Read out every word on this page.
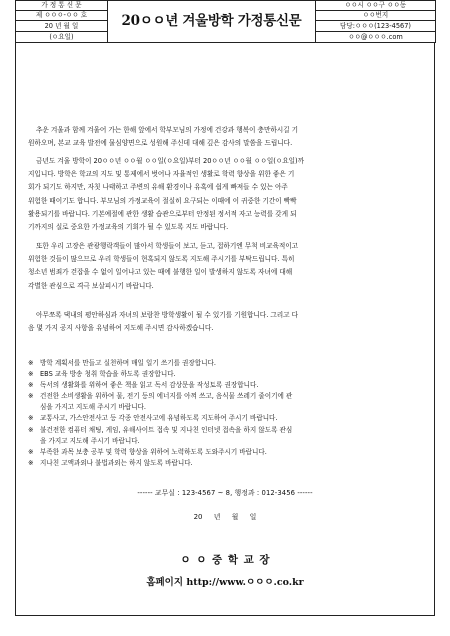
가 정 통 신 문	20ㅇㅇ년 겨울방학 가정통신문	ㅇㅇ시 ㅇㅇ구 ㅇㅇ동
제 ㅇㅇㅇ-ㅇㅇ 호		ㅇㅇ번지
20 년 월 일		담당:ㅇㅇㅇ(123-4567)
(ㅇ요일)		ㅇㅇ@ㅇㅇㅇ.com
추운 겨울과 함께 겨울어 가는 한해 앞에서 학부모님의 가정에 건강과 행복이 충만하시길 기
원하오며, 본교 교육 발전에 물심양면으로 성원해 주신데 대해 깊은 감사의 말씀을 드립니다.
금년도 겨울 방학이 20ㅇㅇ년 ㅇㅇ월 ㅇㅇ일(ㅇ요일)부터 20ㅇㅇ년 ㅇㅇ월 ㅇㅇ일(ㅇ요일)까
지입니다. 방학은 학교의 지도 및 통제에서 벗어나 자율적인 생활로 학력 향상을 위한 좋은 기
회가 되기도 하지만, 자칫 나태하고 주변의 유해 환경이나 유혹에 쉽게 빠져들 수 있는 아주
위험한 때이기도 합니다. 부모님의 가정교육이 절실히 요구되는 이때에 이 귀중한 기간이 빡빡
활용되기를 바랍니다. 기본예절에 관한 생활 습관으로부터 안정된 정서적 자고 능력를 갖게 되
기까지의 실로 중요한 가정교육의 기회가 될 수 있도록 지도 바랍니다.
또한 우리 고장은 관광행락객들이 많아서 학생들이 보고, 듣고, 접하기엔 무척 비교육적이고
위험한 것들이 많으므로 우리 학생들이 현혹되지 않도록 지도해 주시기를 부탁드립니다. 특히
청소년 범죄가 걷잡을 수 없이 일어나고 있는 때에 불행한 일이 발생하지 않도록 자녀에 대해
각별한 관심으로 격극 보살피시기 바랍니다.
아무쪼록 댁내의 평안하심과 자녀의 보람찬 방학생활이 될 수 있기를 기원합니다. 그리고 다
음 몇 가지 공지 사항을 유념하여 지도해 주시면 감사하겠습니다.
※ 방학 계획서를 만들고 실천하며 매일 일기 쓰기를 권장합니다.
※ EBS 교육 방송 청취 학습을 하도록 권장합니다.
※ 독서의 생활화를 위하여 좋은 책을 읽고 독서 감상문을 작성토록 권장합니다.
※ 건전한 소비생활을 위하여 물, 전기 등의 에너지를 아껴 쓰고, 음식물 쓰레기 줄이기에 관
심을 가지고 지도해 주시기 바랍니다.
※ 교통사고, 가스안전사고 등 각종 안전사고에 유념하도록 지도하여 주시기 바랍니다.
※ 불건전한 컴퓨터 채팅, 게임, 유해사이트 접속 및 지나친 인터넷 접속을 하지 않도록 관심
을 가지고 지도해 주시기 바랍니다.
※ 부족한 과목 보충 공부 및 학력 향상을 위하여 노력하도록 도와주시기 바랍니다.
※ 지나친 고액과외나 불법과외는 하지 않도록 바랍니다.
------ 교무실 : 123-4567 ~ 8, 행정과 : 012-3456 ------
20 년 월 일
ㅇ ㅇ 중 학 교 장
홈페이지 http://www.ㅇㅇㅇ.co.kr
